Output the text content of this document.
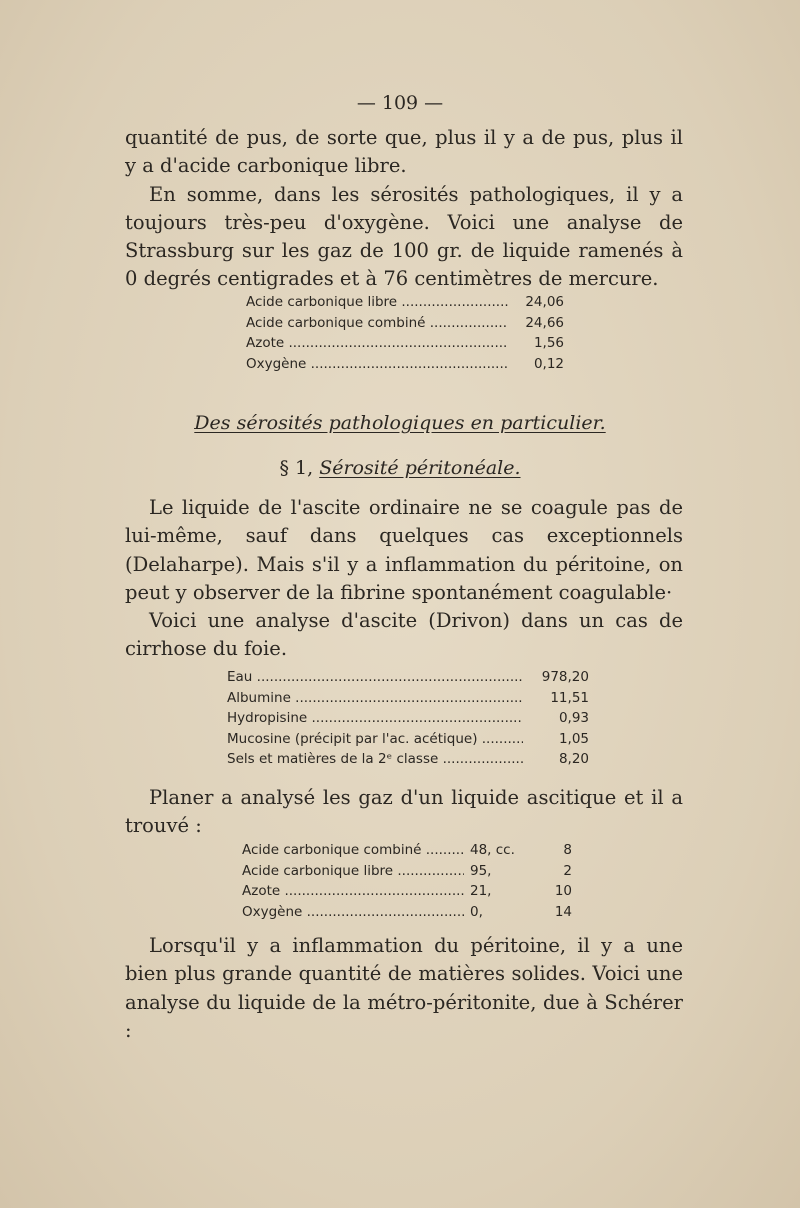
— 109 —

quantité de pus, de sorte que, plus il y a de pus, plus il y a d'acide carbonique libre.

En somme, dans les sérosités pathologiques, il y a toujours très-peu d'oxygène. Voici une analyse de Strassburg sur les gaz de 100 gr. de liquide ramenés à 0 degrés centigrades et à 76 centimètres de mercure.

Acide carbonique libre .....	24,06
Acide carbonique combiné .....	24,66
Azote .....	1,56
Oxygène .....	0,12
Des sérosités pathologiques en particulier.
§ 1, Sérosité péritonéale.

Le liquide de l'ascite ordinaire ne se coagule pas de lui-même, sauf dans quelques cas exceptionnels (Delaharpe). Mais s'il y a inflammation du péritoine, on peut y observer de la fibrine spontanément coagulable·

Voici une analyse d'ascite (Drivon) dans un cas de cirrhose du foie.

Eau .....	978,20
Albumine .....	11,51
Hydropisine .....	0,93
Mucosine (précipit par l'ac. acétique) .....	1,05
Sels et matières de la 2ᵉ classe .....	8,20

Planer a analysé les gaz d'un liquide ascitique et il a trouvé :

Acide carbonique combiné .....	48, cc.	8
Acide carbonique libre .....	95,	2
Azote .....	21,	10
Oxygène .....	0,	14

Lorsqu'il y a inflammation du péritoine, il y a une bien plus grande quantité de matières solides. Voici une analyse du liquide de la métro-péritonite, due à Schérer :
